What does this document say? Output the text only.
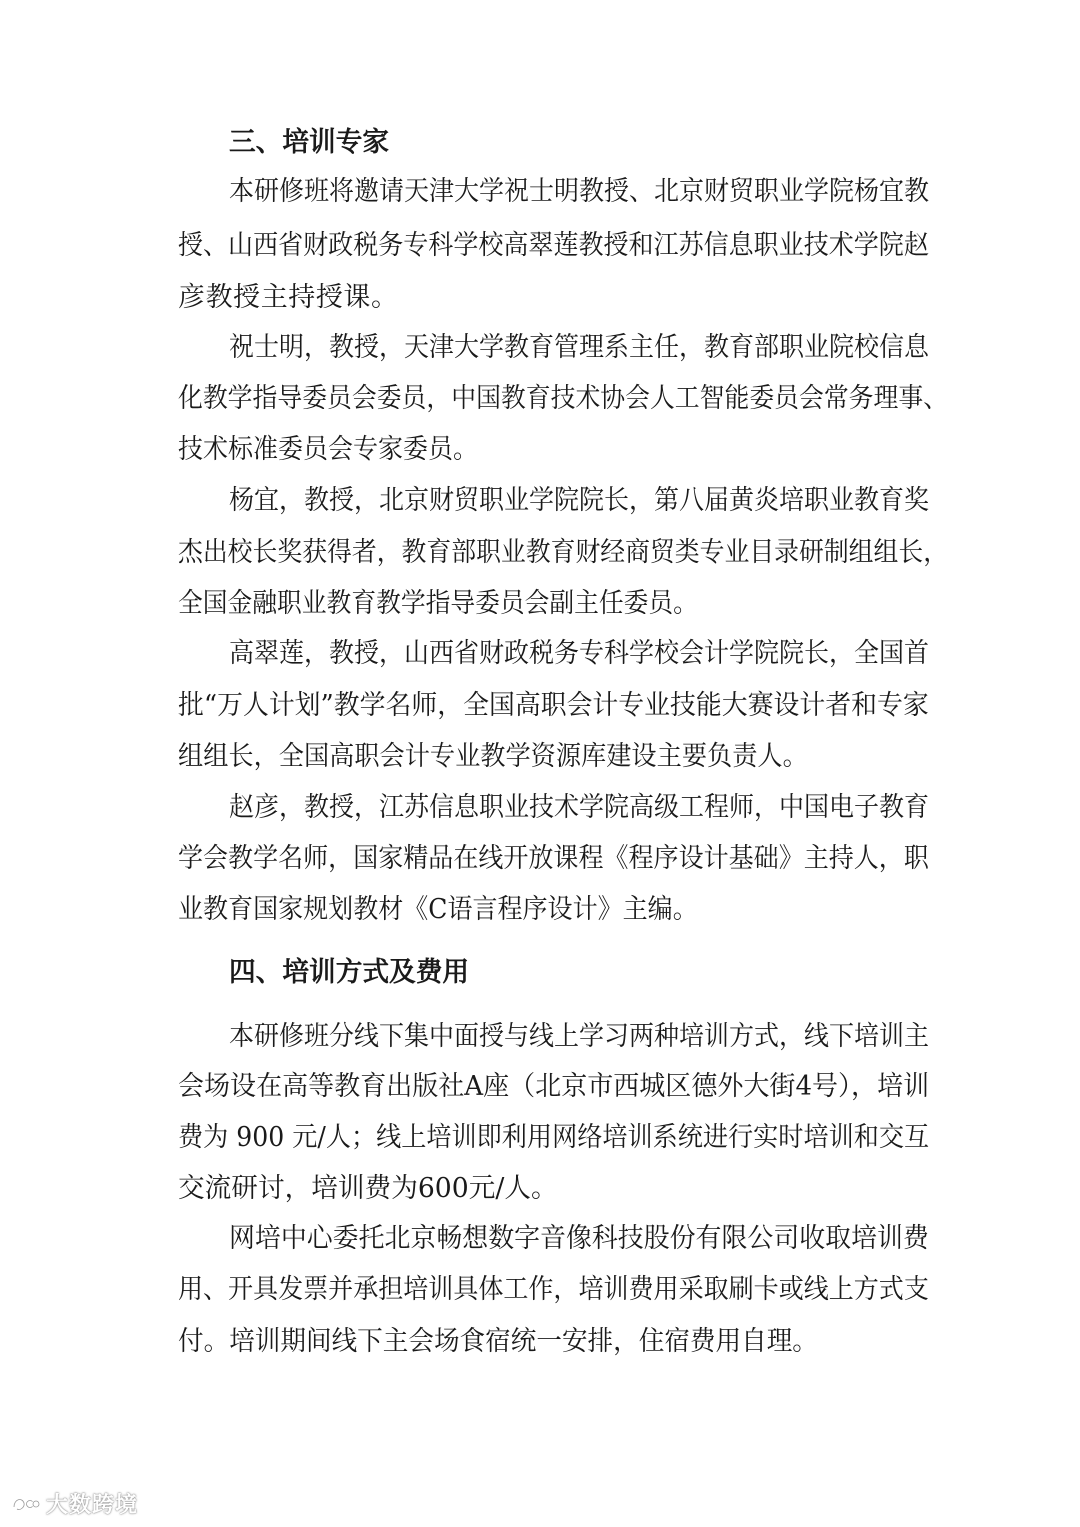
三、培训专家
本研修班将邀请天津大学祝士明教授、北京财贸职业学院杨宜教
授、山西省财政税务专科学校高翠莲教授和江苏信息职业技术学院赵
彦教授主持授课。
祝士明，教授，天津大学教育管理系主任，教育部职业院校信息
化教学指导委员会委员，中国教育技术协会人工智能委员会常务理事、
技术标准委员会专家委员。
杨宜，教授，北京财贸职业学院院长，第八届黄炎培职业教育奖
杰出校长奖获得者，教育部职业教育财经商贸类专业目录研制组组长，
全国金融职业教育教学指导委员会副主任委员。
高翠莲，教授，山西省财政税务专科学校会计学院院长，全国首
批“万人计划”教学名师，全国高职会计专业技能大赛设计者和专家
组组长，全国高职会计专业教学资源库建设主要负责人。
赵彦，教授，江苏信息职业技术学院高级工程师，中国电子教育
学会教学名师，国家精品在线开放课程《程序设计基础》主持人，职
业教育国家规划教材《C语言程序设计》主编。
四、培训方式及费用
本研修班分线下集中面授与线上学习两种培训方式，线下培训主
会场设在高等教育出版社A座（北京市西城区德外大街4号），培训
费为 900 元/人；线上培训即利用网络培训系统进行实时培训和交互
交流研讨，培训费为600元/人。
网培中心委托北京畅想数字音像科技股份有限公司收取培训费
用、开具发票并承担培训具体工作，培训费用采取刷卡或线上方式支
付。培训期间线下主会场食宿统一安排，住宿费用自理。
大数跨境
